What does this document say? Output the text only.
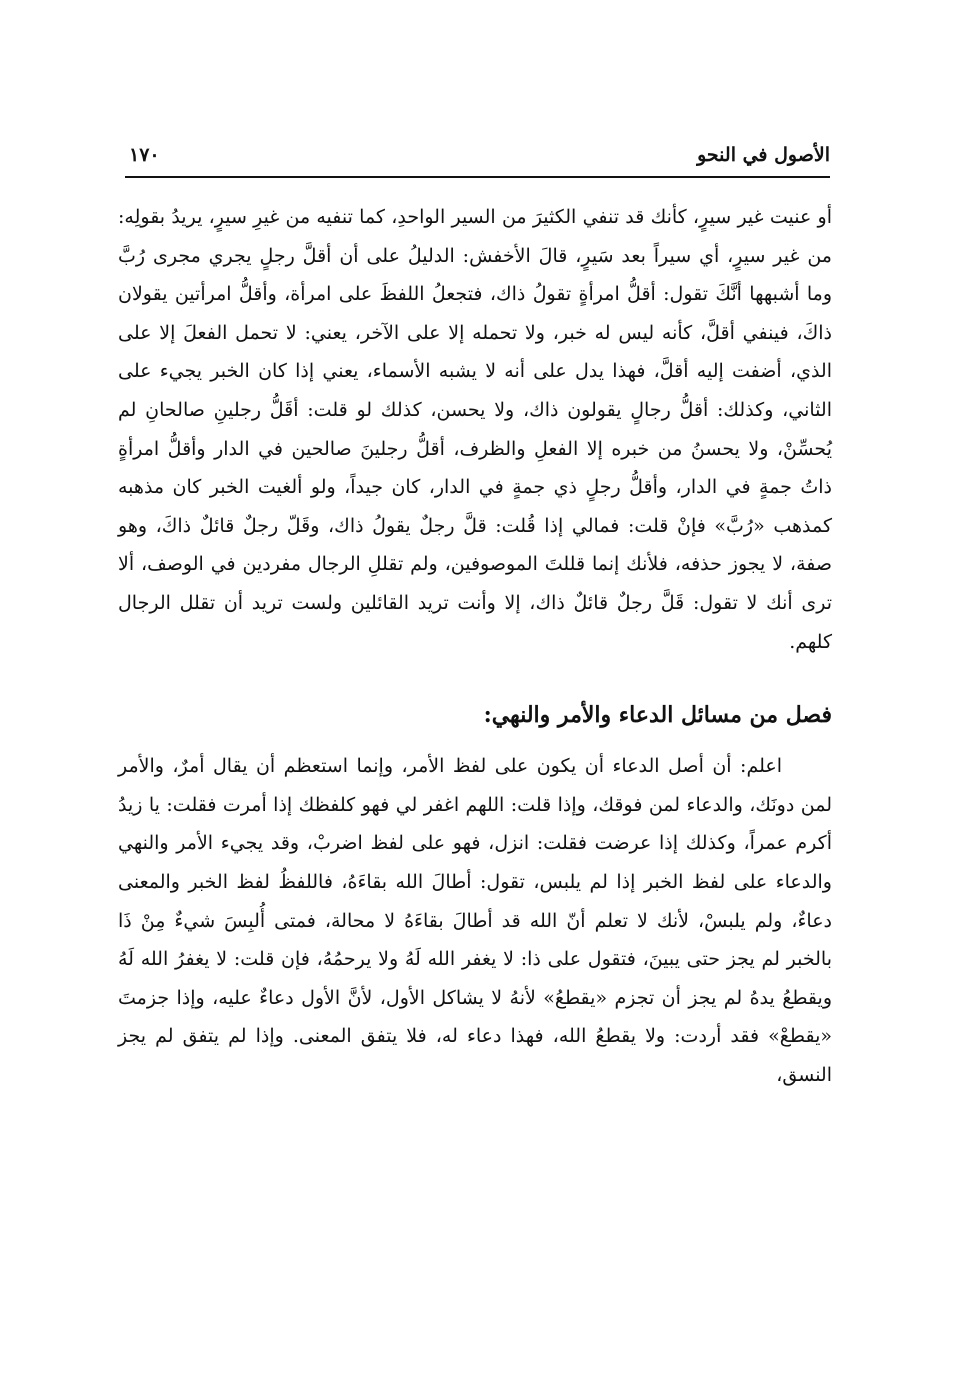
الأصول في النحو
١٧٠

أو عنيت غير سيرٍ، كأنك قد تنفي الكثيرَ من السير الواحدِ، كما تنفيه من غيرِ سيرٍ، يريدُ بقولِه: من غير سيرٍ، أي سيراً بعد سَيرٍ، قالَ الأخفش: الدليلُ على أن أقلَّ رجلٍ يجري مجرى رُبَّ وما أشبهها أنَّكَ تقول: أقلُّ امرأةٍ تقولُ ذاك، فتجعلُ اللفظَ على امرأة، وأقلُّ امرأتين يقولان ذاكَ، فينفي أقلَّ، كأنه ليس له خبر، ولا تحمله إلا على الآخر، يعني: لا تحمل الفعلَ إلا على الذي، أضفت إليه أقلَّ، فهذا يدل على أنه لا يشبه الأسماء، يعني إذا كان الخبر يجيء على الثاني، وكذلك: أقلُّ رجالٍ يقولون ذاك، ولا يحسن، كذلك لو قلت: أقَلُّ رجلينِ صالحانِ لم يُحسِّنْ، ولا يحسنُ من خبره إلا الفعلِ والظرف، أقلُّ رجلينَ صالحين في الدار وأقلُّ امرأةٍ ذاتُ جمةٍ في الدار، وأقلُّ رجلٍ ذي جمةٍ في الدار، كان جيداً، ولو ألغيت الخبر كان مذهبه كمذهب «رُبَّ» فإنْ قلت: فمالي إذا قُلت: قلَّ رجلٌ يقولُ ذاك، وقَلّ رجلٌ قائلٌ ذاكَ، وهو صفة، لا يجوز حذفه، فلأنك إنما قللتَ الموصوفين، ولم تقللِ الرجال مفردين في الوصف، ألا ترى أنك لا تقول: قَلَّ رجلٌ قائلٌ ذاك، إلا وأنت تريد القائلين ولست تريد أن تقلل الرجال كلهم.

فصل من مسائل الدعاء والأمر والنهي:

اعلم: أن أصل الدعاء أن يكون على لفظ الأمر، وإنما استعظم أن يقال أمرٌ، والأمر لمن دونَك، والدعاء لمن فوقك، وإذا قلت: اللهم اغفر لي فهو كلفظك إذا أمرت فقلت: يا زيدُ أكرم عمراً، وكذلك إذا عرضت فقلت: انزل، فهو على لفظ اضربْ، وقد يجيء الأمر والنهي والدعاء على لفظ الخبر إذا لم يلبس، تقول: أطالَ الله بقاءَهُ، فاللفظُ لفظ الخبر والمعنى دعاءٌ، ولم يلبسْ، لأنك لا تعلم أنّ الله قد أطالَ بقاءَهُ لا محالة، فمتى أُلبِسَ شيءٌ مِنْ ذَا بالخبر لم يجز حتى يبينَ، فتقول على ذا: لا يغفر الله لَهُ ولا يرحمُهُ، فإن قلت: لا يغفرُ الله لَهُ ويقطعُ يدهُ لم يجز أن تجزم «يقطعُ» لأنهُ لا يشاكل الأول، لأنَّ الأول دعاءٌ عليه، وإذا جزمتَ «يقطعْ» فقد أردت: ولا يقطعُ الله، فهذا دعاء له، فلا يتفق المعنى. وإذا لم يتفق لم يجز النسق،
